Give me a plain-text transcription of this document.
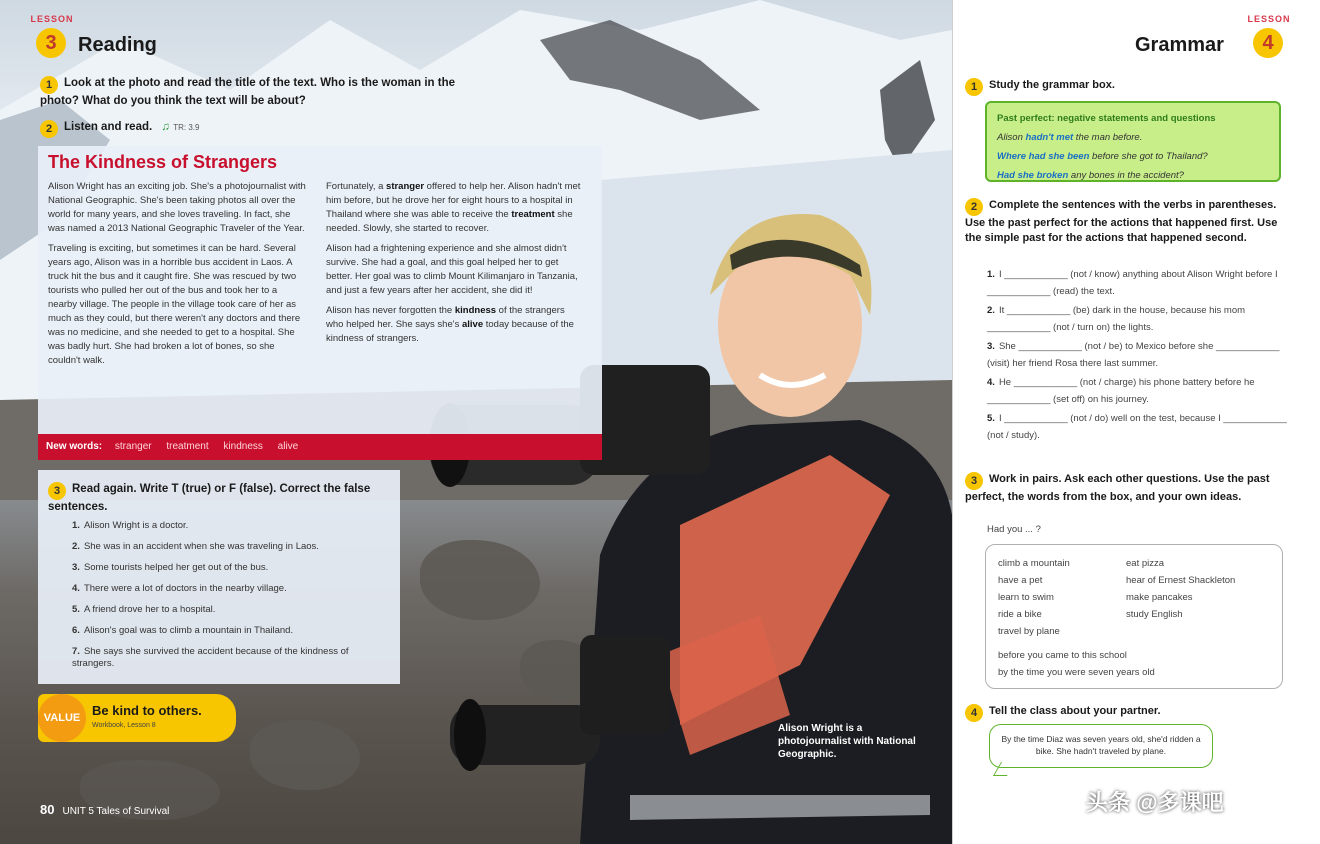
LESSON
3	Reading
1 Look at the photo and read the title of the text. Who is the woman in the photo? What do you think the text will be about?
2 Listen and read. ♫ TR: 3.9
The Kindness of Strangers

Alison Wright has an exciting job. She's a photojournalist with National Geographic. She's been taking photos all over the world for many years, and she loves traveling. In fact, she was named a 2013 National Geographic Traveler of the Year.

Traveling is exciting, but sometimes it can be hard. Several years ago, Alison was in a horrible bus accident in Laos. A truck hit the bus and it caught fire. She was rescued by two tourists who pulled her out of the bus and took her to a nearby village. The people in the village took care of her as much as they could, but there weren't any doctors and there was no medicine, and she needed to get to a hospital. She was badly hurt. She had broken a lot of bones, so she couldn't walk.

Fortunately, a stranger offered to help her. Alison hadn't met him before, but he drove her for eight hours to a hospital in Thailand where she was able to receive the treatment she needed. Slowly, she started to recover.

Alison had a frightening experience and she almost didn't survive. She had a goal, and this goal helped her to get better. Her goal was to climb Mount Kilimanjaro in Tanzania, and just a few years after her accident, she did it!

Alison has never forgotten the kindness of the strangers who helped her. She says she's alive today because of the kindness of strangers.

New words: stranger treatment kindness alive
3 Read again. Write T (true) or F (false). Correct the false sentences.
1. Alison Wright is a doctor.
2. She was in an accident when she was traveling in Laos.
3. Some tourists helped her get out of the bus.
4. There were a lot of doctors in the nearby village.
5. A friend drove her to a hospital.
6. Alison's goal was to climb a mountain in Thailand.
7. She says she survived the accident because of the kindness of strangers.
VALUE Be kind to others.
Workbook, Lesson 8	Alison Wright is a photojournalist with National Geographic.
80 UNIT 5 Tales of Survival
Grammar
LESSON
4
1 Study the grammar box.
Past perfect: negative statements and questions
Alison hadn't met the man before.
Where had she been before she got to Thailand?
Had she broken any bones in the accident?
2 Complete the sentences with the verbs in parentheses. Use the past perfect for the actions that happened first. Use the simple past for the actions that happened second.
1. I ____________ (not / know) anything about Alison Wright before I ____________ (read) the text.
2. It ____________ (be) dark in the house, because his mom ____________ (not / turn on) the lights.
3. She ____________ (not / be) to Mexico before she ____________ (visit) her friend Rosa there last summer.
4. He ____________ (not / charge) his phone battery before he ____________ (set off) on his journey.
5. I ____________ (not / do) well on the test, because I ____________ (not / study).
3 Work in pairs. Ask each other questions. Use the past perfect, the words from the box, and your own ideas.
Had you ... ?
climb a mountain
have a pet
learn to swim
ride a bike
travel by plane
eat pizza
hear of Ernest Shackleton
make pancakes
study English
before you came to this school
by the time you were seven years old
4 Tell the class about your partner.
By the time Diaz was seven years old, she'd ridden a bike. She hadn't traveled by plane.
头条 @多课吧
